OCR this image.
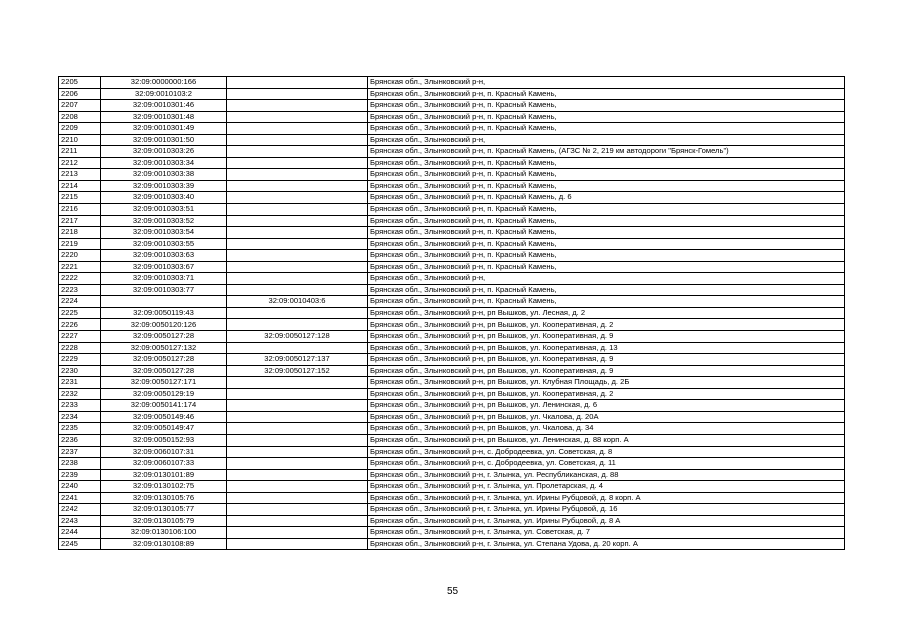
2205	32:09:0000000:166		Брянская обл., Злынковский р-н,
2206	32:09:0010103:2		Брянская обл., Злынковский р-н, п. Красный Камень,
2207	32:09:0010301:46		Брянская обл., Злынковский р-н, п. Красный Камень,
2208	32:09:0010301:48		Брянская обл., Злынковский р-н, п. Красный Камень,
2209	32:09:0010301:49		Брянская обл., Злынковский р-н, п. Красный Камень,
2210	32:09:0010301:50		Брянская обл., Злынковский р-н,
2211	32:09:0010303:26		Брянская обл., Злынковский р-н, п. Красный Камень, (АГЗС № 2, 219 км автодороги "Брянск-Гомель")
2212	32:09:0010303:34		Брянская обл., Злынковский р-н, п. Красный Камень,
2213	32:09:0010303:38		Брянская обл., Злынковский р-н, п. Красный Камень,
2214	32:09:0010303:39		Брянская обл., Злынковский р-н, п. Красный Камень,
2215	32:09:0010303:40		Брянская обл., Злынковский р-н, п. Красный Камень, д. 6
2216	32:09:0010303:51		Брянская обл., Злынковский р-н, п. Красный Камень,
2217	32:09:0010303:52		Брянская обл., Злынковский р-н, п. Красный Камень,
2218	32:09:0010303:54		Брянская обл., Злынковский р-н, п. Красный Камень,
2219	32:09:0010303:55		Брянская обл., Злынковский р-н, п. Красный Камень,
2220	32:09:0010303:63		Брянская обл., Злынковский р-н, п. Красный Камень,
2221	32:09:0010303:67		Брянская обл., Злынковский р-н, п. Красный Камень,
2222	32:09:0010303:71		Брянская обл., Злынковский р-н,
2223	32:09:0010303:77		Брянская обл., Злынковский р-н, п. Красный Камень,
2224		32:09:0010403:6	Брянская обл., Злынковский р-н, п. Красный Камень,
2225	32:09:0050119:43		Брянская обл., Злынковский р-н, рп Вышков, ул. Лесная, д. 2
2226	32:09:0050120:126		Брянская обл., Злынковский р-н, рп Вышков, ул. Кооперативная, д. 2
2227	32:09:0050127:28	32:09:0050127:128	Брянская обл., Злынковский р-н, рп Вышков, ул. Кооперативная, д. 9
2228	32:09:0050127:132		Брянская обл., Злынковский р-н, рп Вышков, ул. Кооперативная, д. 13
2229	32:09:0050127:28	32:09:0050127:137	Брянская обл., Злынковский р-н, рп Вышков, ул. Кооперативная, д. 9
2230	32:09:0050127:28	32:09:0050127:152	Брянская обл., Злынковский р-н, рп Вышков, ул. Кооперативная, д. 9
2231	32:09:0050127:171		Брянская обл., Злынковский р-н, рп Вышков, ул. Клубная Площадь, д. 2Б
2232	32:09:0050129:19		Брянская обл., Злынковский р-н, рп Вышков, ул. Кооперативная, д. 2
2233	32:09:0050141:174		Брянская обл., Злынковский р-н, рп Вышков, ул. Ленинская, д. 6
2234	32:09:0050149:46		Брянская обл., Злынковский р-н, рп Вышков, ул. Чкалова, д. 20А
2235	32:09:0050149:47		Брянская обл., Злынковский р-н, рп Вышков, ул. Чкалова, д. 34
2236	32:09:0050152:93		Брянская обл., Злынковский р-н, рп Вышков, ул. Ленинская, д. 88 корп. А
2237	32:09:0060107:31		Брянская обл., Злынковский р-н, с. Добродеевка, ул. Советская, д. 8
2238	32:09:0060107:33		Брянская обл., Злынковский р-н, с. Добродеевка, ул. Советская, д. 11
2239	32:09:0130101:89		Брянская обл., Злынковский р-н, г. Злынка, ул. Республиканская, д. 88
2240	32:09:0130102:75		Брянская обл., Злынковский р-н, г. Злынка, ул. Пролетарская, д. 4
2241	32:09:0130105:76		Брянская обл., Злынковский р-н, г. Злынка, ул. Ирины Рубцовой, д. 8 корп. А
2242	32:09:0130105:77		Брянская обл., Злынковский р-н, г. Злынка, ул. Ирины Рубцовой, д. 16
2243	32:09:0130105:79		Брянская обл., Злынковский р-н, г. Злынка, ул. Ирины Рубцовой, д. 8 А
2244	32:09:0130106:100		Брянская обл., Злынковский р-н, г. Злынка, ул. Советская, д. 7
2245	32:09:0130108:89		Брянская обл., Злынковский р-н, г. Злынка, ул. Степана Удова, д. 20 корп. А
55
